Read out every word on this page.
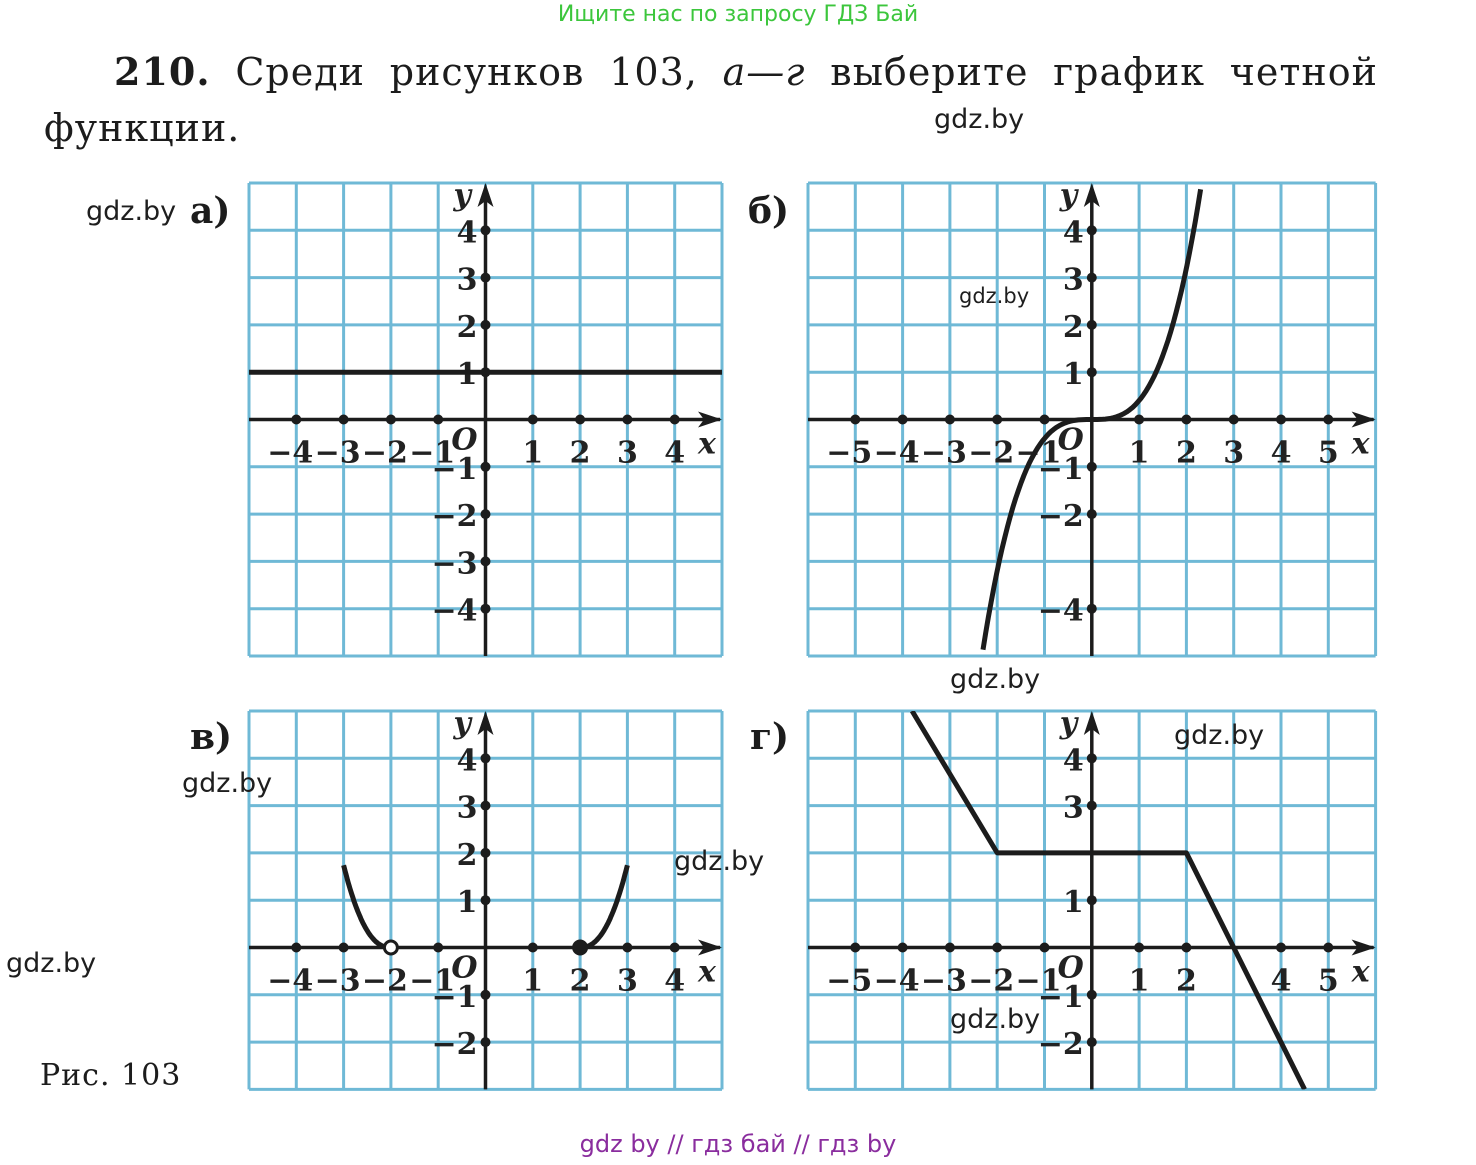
Ищите нас по запросу ГДЗ Бай
210. Среди рисунков 103, а—г выберите график четной
функции.
а)	б)
в)	г)
−4 −3 −2 −1 1 2 3 4
4
3
2
1
−1
−2
−3
−4
O	x
y
−5 −4 −3 −2 −1 1 2 3 4 5
4
3
2
1
−1
−2
−4
O	x
y
−4 −3 −2 −1 1 2 3 4
4
3
2
1
−1
−2
O	x
y
−5 −4 −3 −2 −1 1 2 4 5
4
3
1
−1
−2
O	x
y
gdz.by
gdz.by
gdz.by
gdz.by
gdz.by
gdz.by
gdz.by
gdz.by
gdz.by
Рис. 103
gdz by // гдз бай // гдз by
